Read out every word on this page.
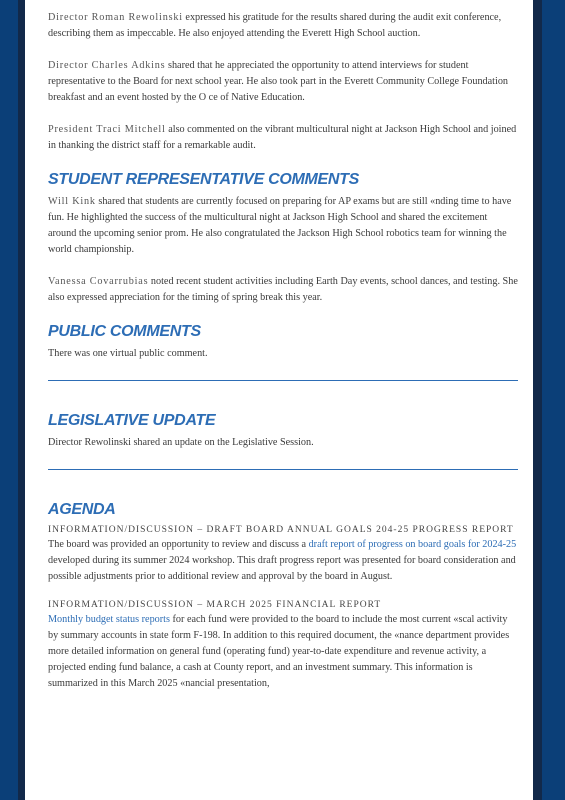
Director Roman Rewolinski expressed his gratitude for the results shared during the audit exit conference, describing them as impeccable. He also enjoyed attending the Everett High School auction.

Director Charles Adkins shared that he appreciated the opportunity to attend interviews for student representative to the Board for next school year. He also took part in the Everett Community College Foundation breakfast and an event hosted by the O ce of Native Education.

President Traci Mitchell also commented on the vibrant multicultural night at Jackson High School and joined in thanking the district staff for a remarkable audit.

STUDENT REPRESENTATIVE COMMENTS

Will Kink shared that students are currently focused on preparing for AP exams but are still «nding time to have fun. He highlighted the success of the multicultural night at Jackson High School and shared the excitement around the upcoming senior prom. He also congratulated the Jackson High School robotics team for winning the world championship.

Vanessa Covarrubias noted recent student activities including Earth Day events, school dances, and testing. She also expressed appreciation for the timing of spring break this year.

PUBLIC COMMENTS

There was one virtual public comment.

LEGISLATIVE UPDATE

Director Rewolinski shared an update on the Legislative Session.

AGENDA
INFORMATION/DISCUSSION – DRAFT BOARD ANNUAL GOALS 204-25 PROGRESS REPORT

The board was provided an opportunity to review and discuss a draft report of progress on board goals for 2024-25 developed during its summer 2024 workshop. This draft progress report was presented for board consideration and possible adjustments prior to additional review and approval by the board in August.

INFORMATION/DISCUSSION – MARCH 2025 FINANCIAL REPORT

Monthly budget status reports for each fund were provided to the board to include the most current «scal activity by summary accounts in state form F-198. In addition to this required document, the «nance department provides more detailed information on general fund (operating fund) year-to-date expenditure and revenue activity, a projected ending fund balance, a cash at County report, and an investment summary. This information is summarized in this March 2025 «nancial presentation,
